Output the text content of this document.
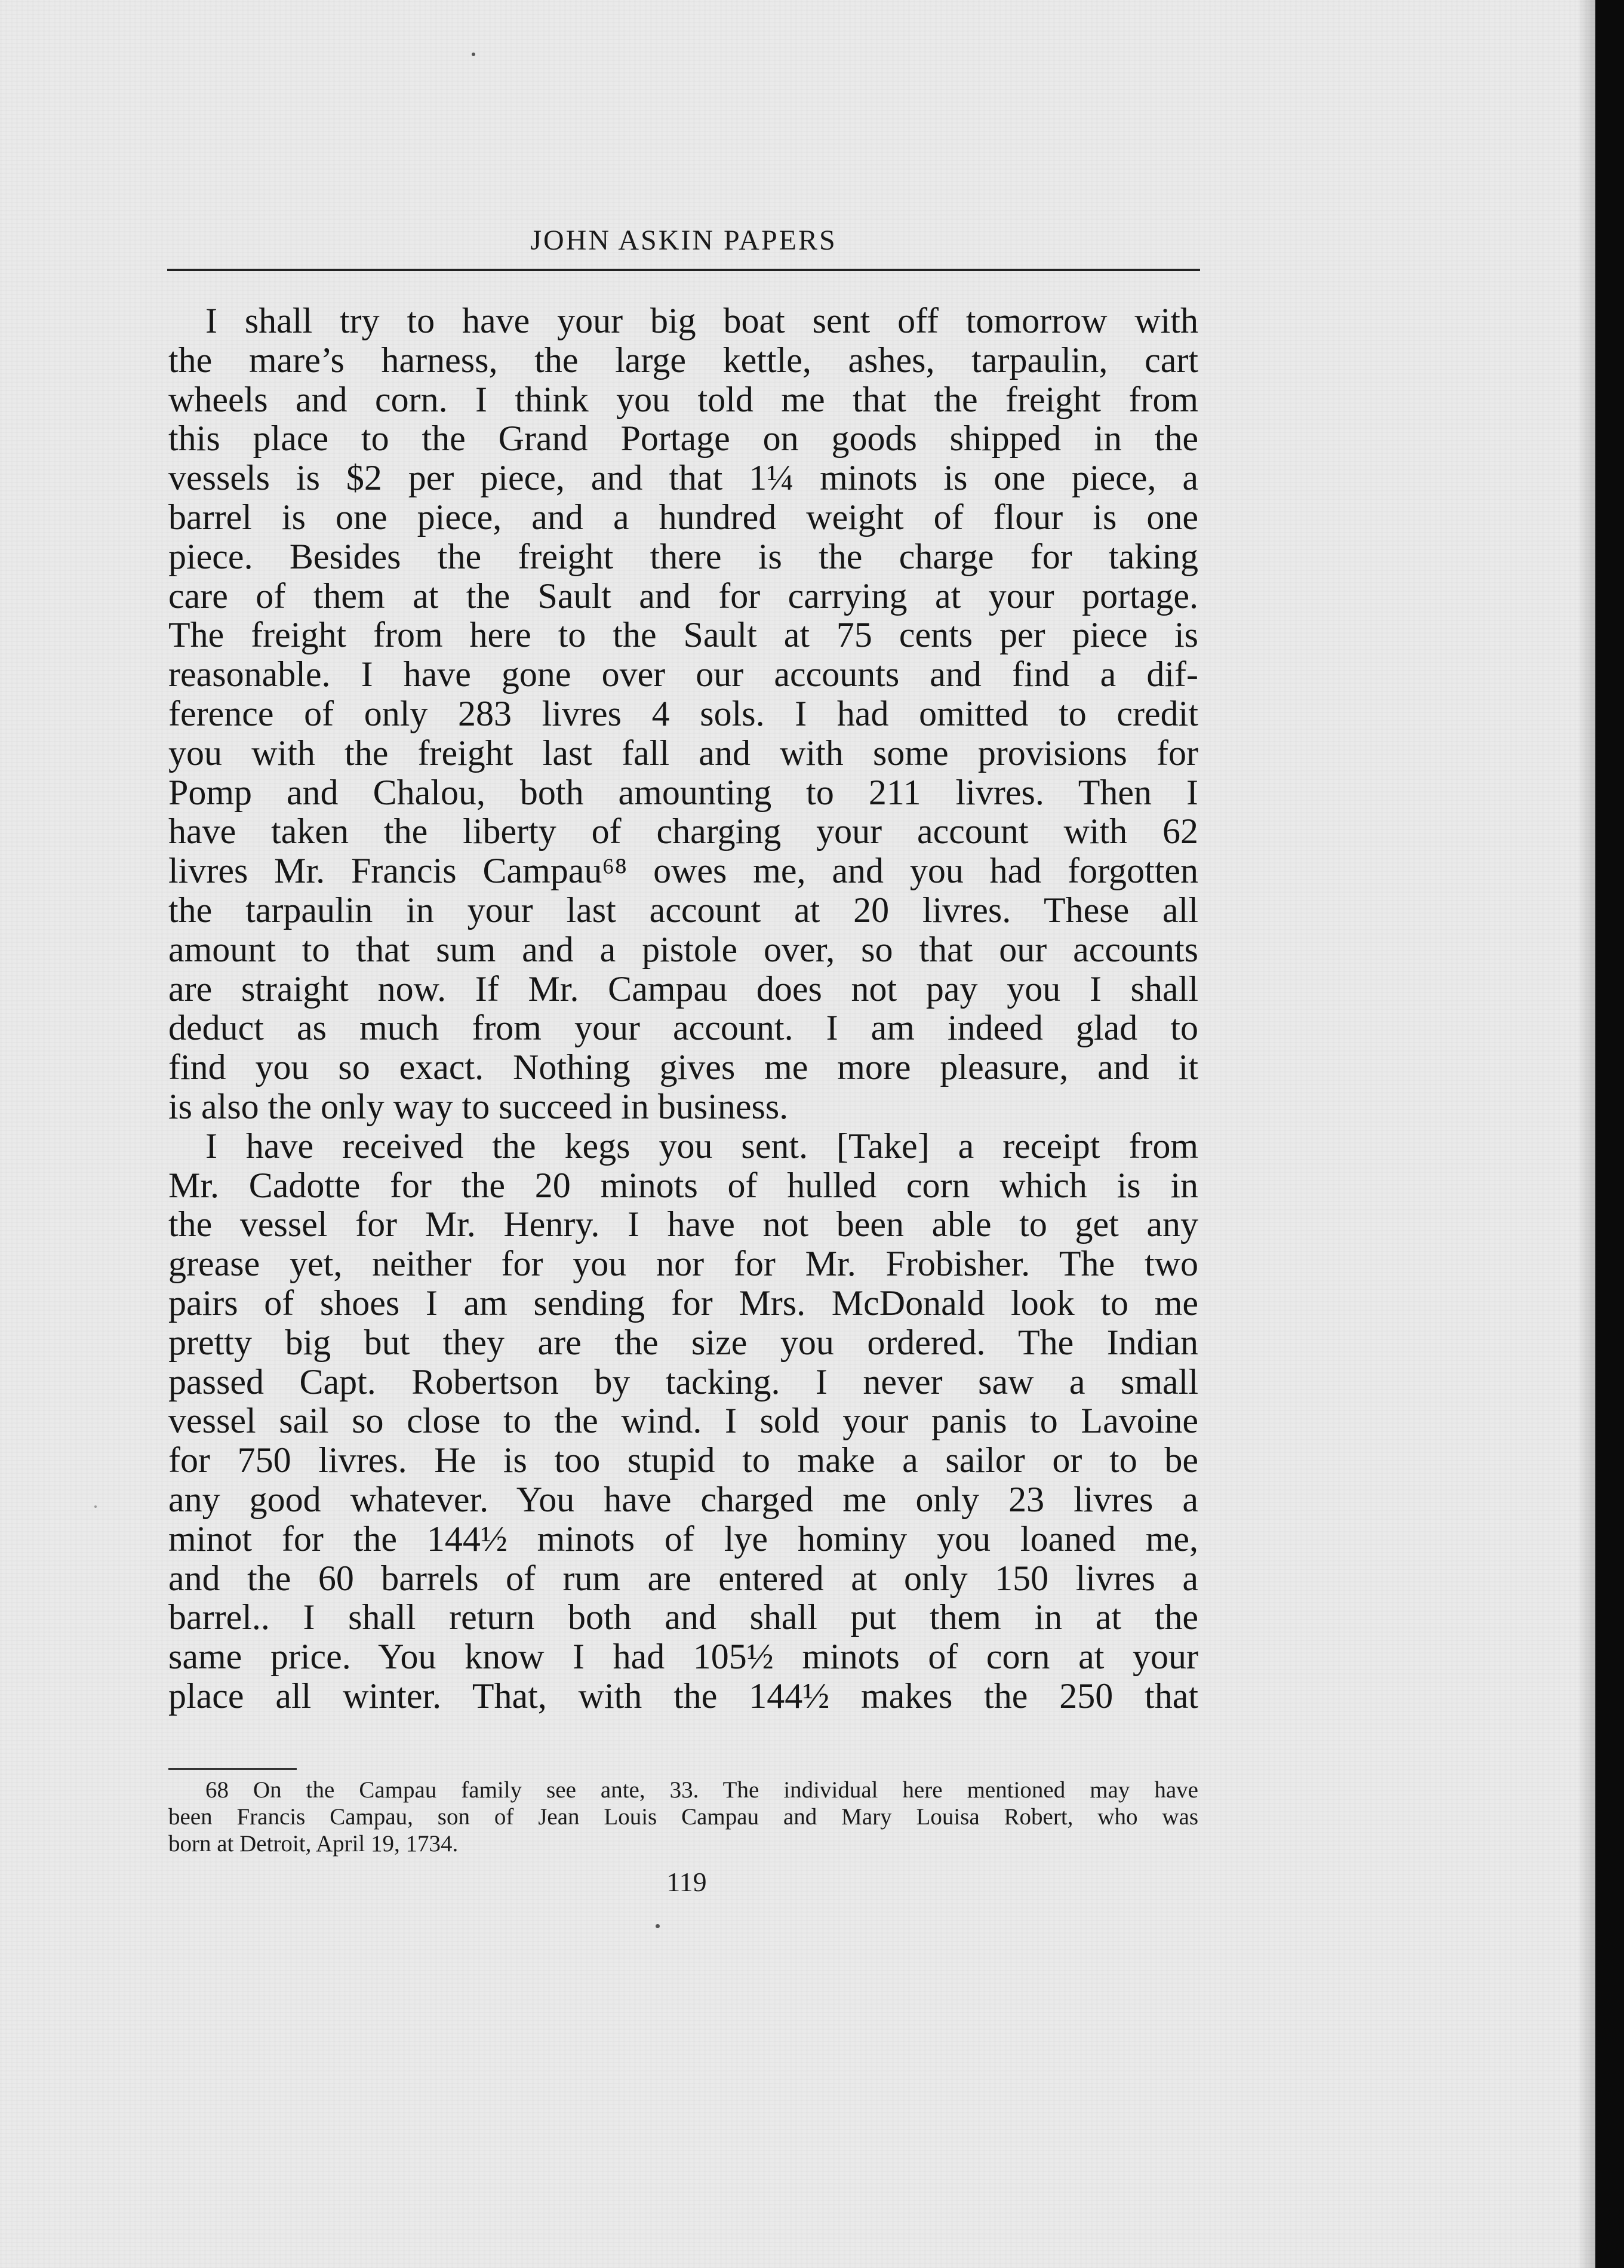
JOHN ASKIN PAPERS
I shall try to have your big boat sent off tomorrow with
the mare’s harness, the large kettle, ashes, tarpaulin, cart
wheels and corn. I think you told me that the freight from
this place to the Grand Portage on goods shipped in the
vessels is $2 per piece, and that 1¼ minots is one piece, a
barrel is one piece, and a hundred weight of flour is one
piece. Besides the freight there is the charge for taking
care of them at the Sault and for carrying at your portage.
The freight from here to the Sault at 75 cents per piece is
reasonable. I have gone over our accounts and find a dif-
ference of only 283 livres 4 sols. I had omitted to credit
you with the freight last fall and with some provisions for
Pomp and Chalou, both amounting to 211 livres. Then I
have taken the liberty of charging your account with 62
livres Mr. Francis Campau⁶⁸ owes me, and you had forgotten
the tarpaulin in your last account at 20 livres. These all
amount to that sum and a pistole over, so that our accounts
are straight now. If Mr. Campau does not pay you I shall
deduct as much from your account. I am indeed glad to
find you so exact. Nothing gives me more pleasure, and it
is also the only way to succeed in business.
I have received the kegs you sent. [Take] a receipt from
Mr. Cadotte for the 20 minots of hulled corn which is in
the vessel for Mr. Henry. I have not been able to get any
grease yet, neither for you nor for Mr. Frobisher. The two
pairs of shoes I am sending for Mrs. McDonald look to me
pretty big but they are the size you ordered. The Indian
passed Capt. Robertson by tacking. I never saw a small
vessel sail so close to the wind. I sold your panis to Lavoine
for 750 livres. He is too stupid to make a sailor or to be
any good whatever. You have charged me only 23 livres a
minot for the 144½ minots of lye hominy you loaned me,
and the 60 barrels of rum are entered at only 150 livres a
barrel.. I shall return both and shall put them in at the
same price. You know I had 105½ minots of corn at your
place all winter. That, with the 144½ makes the 250 that
68 On the Campau family see ante, 33. The individual here mentioned may have
been Francis Campau, son of Jean Louis Campau and Mary Louisa Robert, who was
born at Detroit, April 19, 1734.
119
